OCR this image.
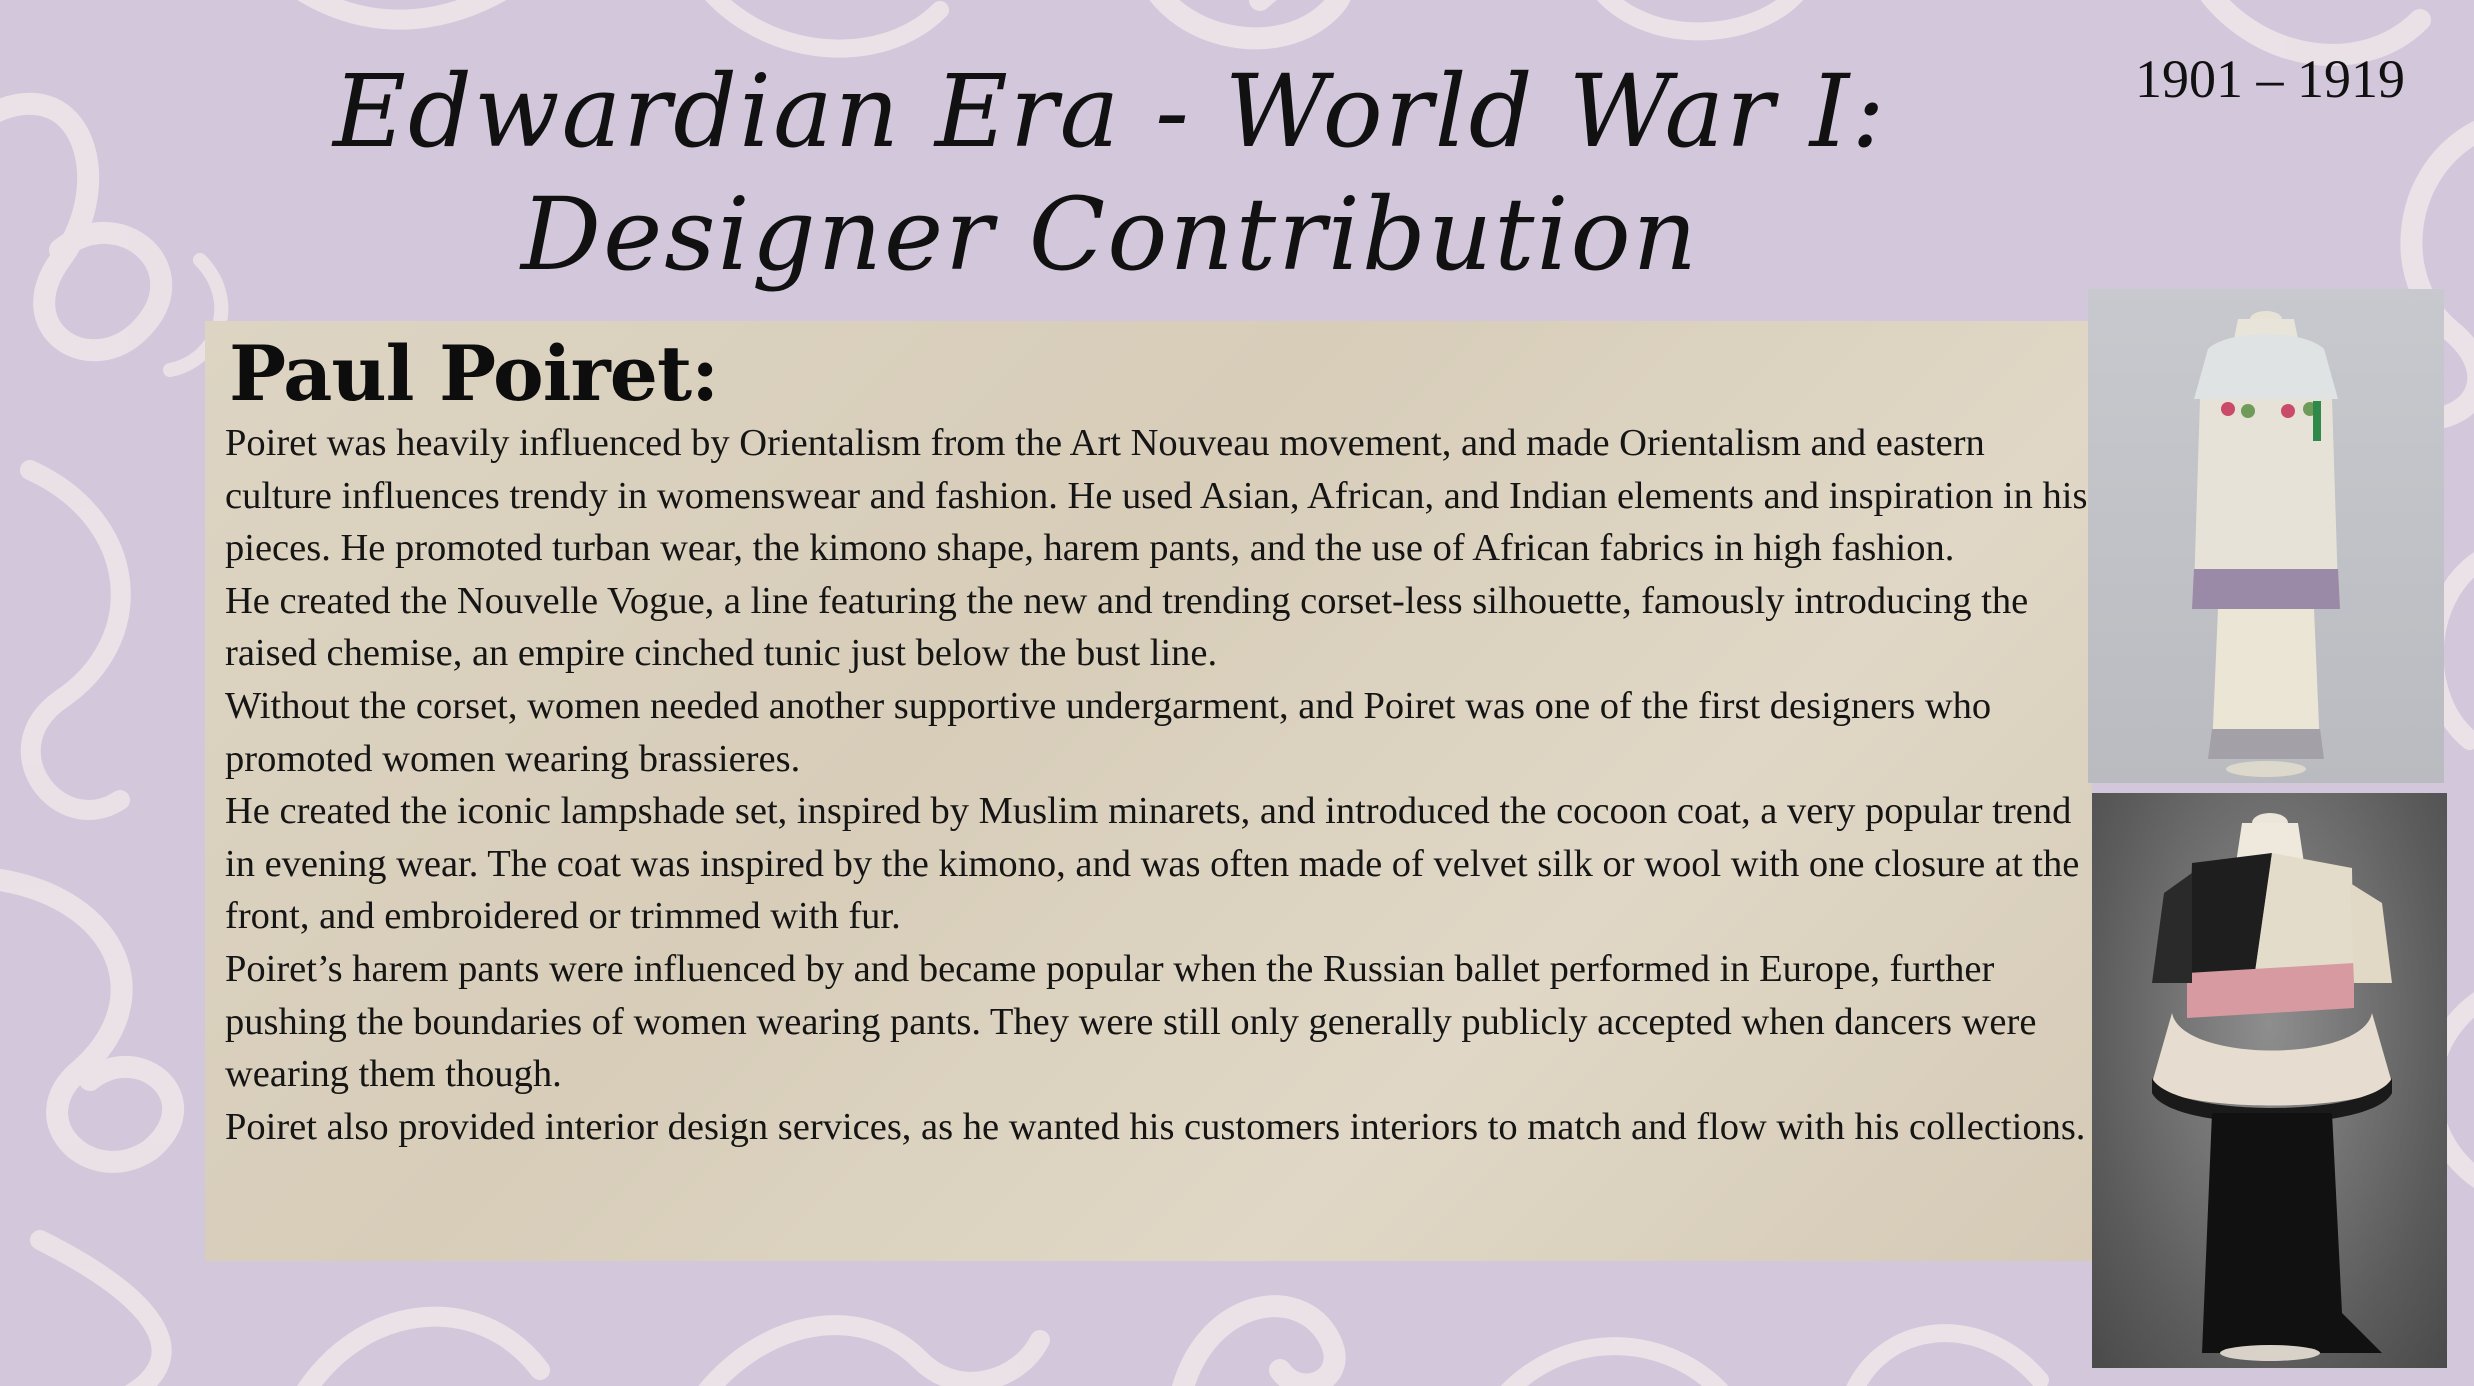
Edwardian Era - World War I:
Designer Contribution
1901 – 1919
Paul Poiret:

Poiret was heavily influenced by Orientalism from the Art Nouveau movement, and made Orientalism and eastern culture influences trendy in womenswear and fashion. He used Asian, African, and Indian elements and inspiration in his pieces. He promoted turban wear, the kimono shape, harem pants, and the use of African fabrics in high fashion.

He created the Nouvelle Vogue, a line featuring the new and trending corset-less silhouette, famously introducing the raised chemise, an empire cinched tunic just below the bust line.

Without the corset, women needed another supportive undergarment, and Poiret was one of the first designers who promoted women wearing brassieres.

He created the iconic lampshade set, inspired by Muslim minarets, and introduced the cocoon coat, a very popular trend in evening wear. The coat was inspired by the kimono, and was often made of velvet silk or wool with one closure at the front, and embroidered or trimmed with fur.

Poiret’s harem pants were influenced by and became popular when the Russian ballet performed in Europe, further pushing the boundaries of women wearing pants. They were still only generally publicly accepted when dancers were wearing them though.

Poiret also provided interior design services, as he wanted his customers interiors to match and flow with his collections.
